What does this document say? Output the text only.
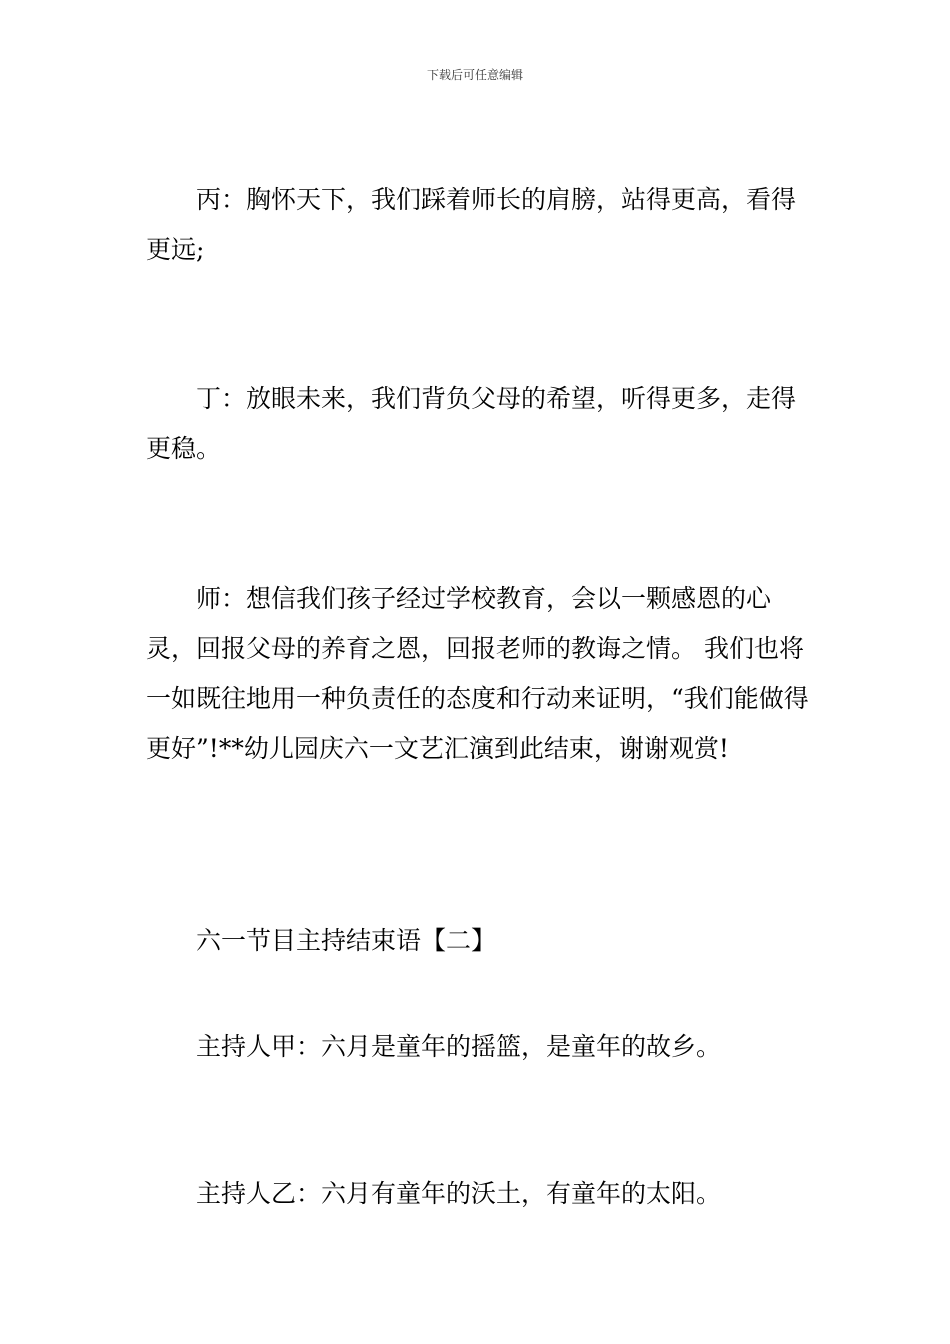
下载后可任意编辑
丙：胸怀天下，我们踩着师长的肩膀，站得更高，看得更远;
丁：放眼未来，我们背负父母的希望，听得更多，走得更稳。
师：想信我们孩子经过学校教育，会以一颗感恩的心灵，回报父母的养育之恩，回报老师的教诲之情。 我们也将一如既往地用一种负责任的态度和行动来证明，“我们能做得更好”!**幼儿园庆六一文艺汇演到此结束，谢谢观赏!
六一节目主持结束语【二】
主持人甲：六月是童年的摇篮，是童年的故乡。
主持人乙：六月有童年的沃土，有童年的太阳。
